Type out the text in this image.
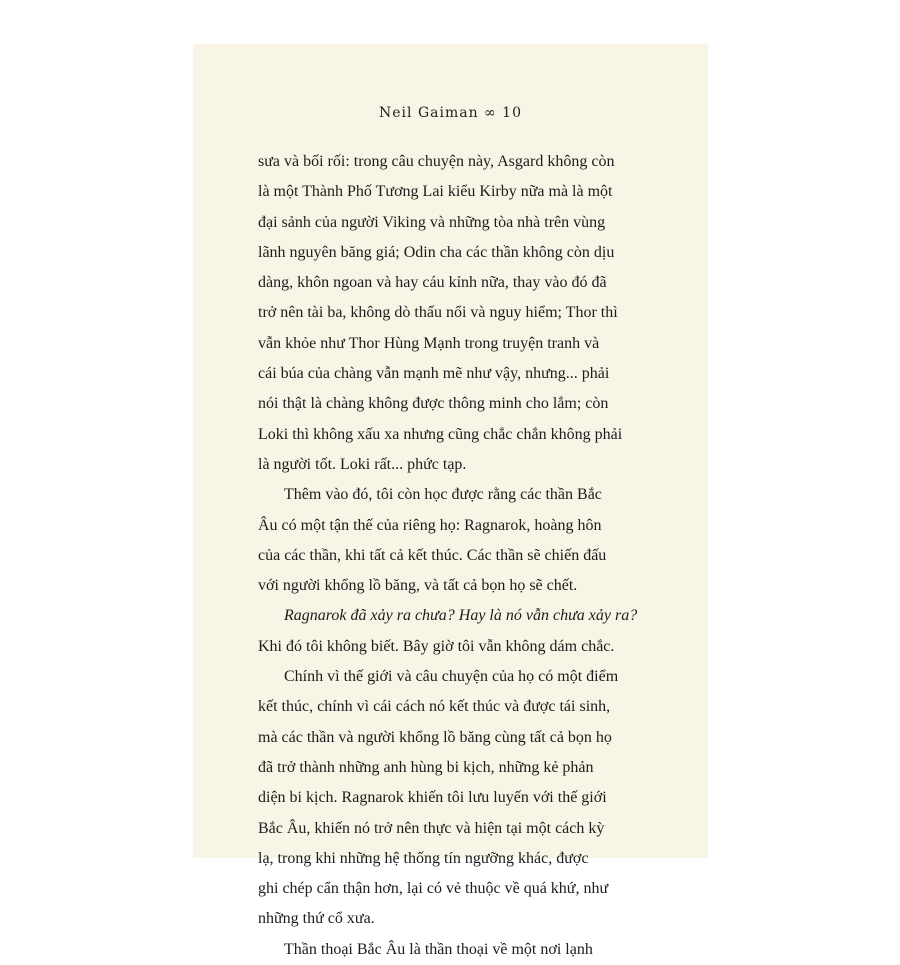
Neil Gaiman ∞ 10
sưa và bối rối: trong câu chuyện này, Asgard không còn
là một Thành Phố Tương Lai kiểu Kirby nữa mà là một
đại sảnh của người Viking và những tòa nhà trên vùng
lãnh nguyên băng giá; Odin cha các thần không còn dịu
dàng, khôn ngoan và hay cáu kỉnh nữa, thay vào đó đã
trở nên tài ba, không dò thấu nổi và nguy hiểm; Thor thì
vẫn khỏe như Thor Hùng Mạnh trong truyện tranh và
cái búa của chàng vẫn mạnh mẽ như vậy, nhưng... phải
nói thật là chàng không được thông minh cho lắm; còn
Loki thì không xấu xa nhưng cũng chắc chắn không phải
là người tốt. Loki rất... phức tạp.
Thêm vào đó, tôi còn học được rằng các thần Bắc
Âu có một tận thế của riêng họ: Ragnarok, hoàng hôn
của các thần, khi tất cả kết thúc. Các thần sẽ chiến đấu
với người khổng lồ băng, và tất cả bọn họ sẽ chết.
Ragnarok đã xảy ra chưa? Hay là nó vẫn chưa xảy ra?
Khi đó tôi không biết. Bây giờ tôi vẫn không dám chắc.
Chính vì thế giới và câu chuyện của họ có một điểm
kết thúc, chính vì cái cách nó kết thúc và được tái sinh,
mà các thần và người khổng lồ băng cùng tất cả bọn họ
đã trở thành những anh hùng bi kịch, những kẻ phản
diện bi kịch. Ragnarok khiến tôi lưu luyến với thế giới
Bắc Âu, khiến nó trở nên thực và hiện tại một cách kỳ
lạ, trong khi những hệ thống tín ngưỡng khác, được
ghi chép cẩn thận hơn, lại có vẻ thuộc về quá khứ, như
những thứ cổ xưa.
Thần thoại Bắc Âu là thần thoại về một nơi lạnh
